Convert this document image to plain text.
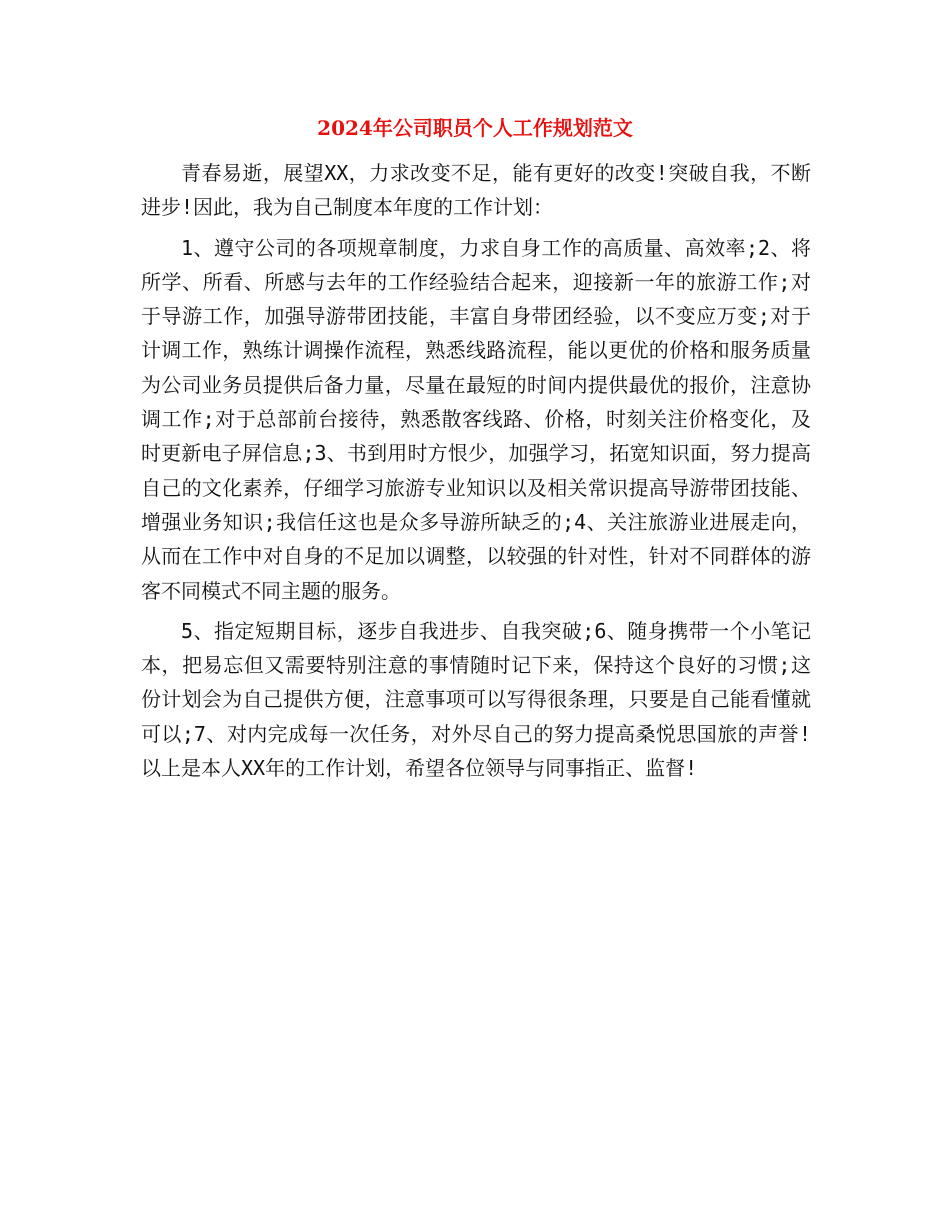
2024年公司职员个人工作规划范文

青春易逝，展望XX，力求改变不足，能有更好的改变!突破自我，不断进步!因此，我为自己制度本年度的工作计划：

1、遵守公司的各项规章制度，力求自身工作的高质量、高效率;2、将所学、所看、所感与去年的工作经验结合起来，迎接新一年的旅游工作;对于导游工作，加强导游带团技能，丰富自身带团经验，以不变应万变;对于计调工作，熟练计调操作流程，熟悉线路流程，能以更优的价格和服务质量为公司业务员提供后备力量，尽量在最短的时间内提供最优的报价，注意协调工作;对于总部前台接待，熟悉散客线路、价格，时刻关注价格变化，及时更新电子屏信息;3、书到用时方恨少，加强学习，拓宽知识面，努力提高自己的文化素养，仔细学习旅游专业知识以及相关常识提高导游带团技能、增强业务知识;我信任这也是众多导游所缺乏的;4、关注旅游业进展走向，从而在工作中对自身的不足加以调整，以较强的针对性，针对不同群体的游客不同模式不同主题的服务。

5、指定短期目标，逐步自我进步、自我突破;6、随身携带一个小笔记本，把易忘但又需要特别注意的事情随时记下来，保持这个良好的习惯;这份计划会为自己提供方便，注意事项可以写得很条理，只要是自己能看懂就可以;7、对内完成每一次任务，对外尽自己的努力提高桑悦思国旅的声誉!以上是本人XX年的工作计划，希望各位领导与同事指正、监督!
